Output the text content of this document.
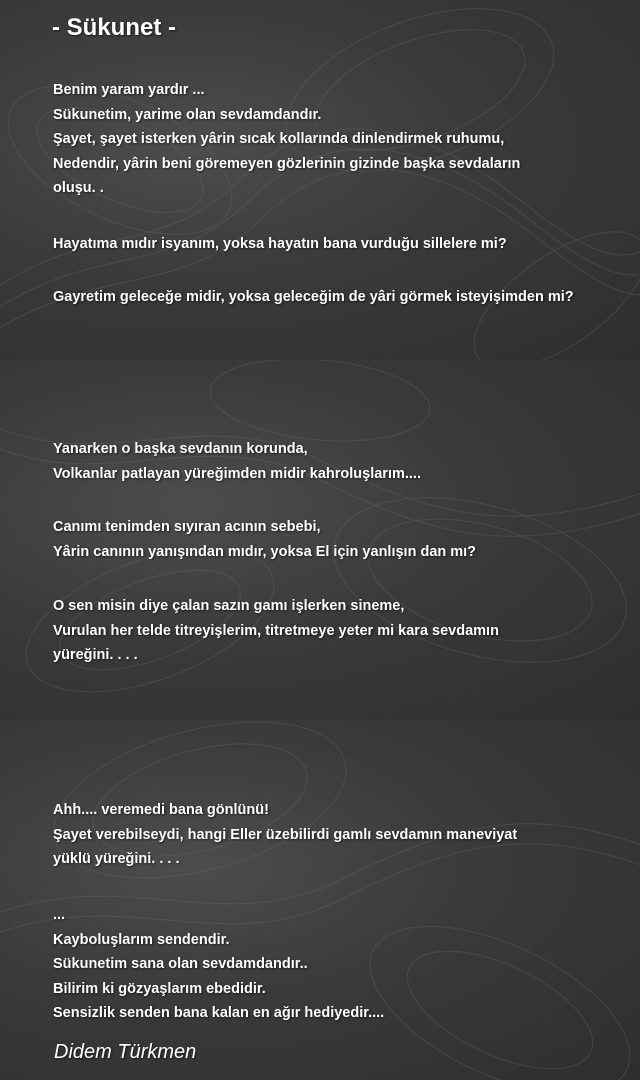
- Sükunet -
Benim yaram yardır ...
Sükunetim, yarime olan sevdamdandır.
Şayet, şayet isterken yârin sıcak kollarında dinlendirmek ruhumu,
Nedendir, yârin beni göremeyen gözlerinin gizinde başka sevdaların
oluşu. .
Hayatıma mıdır isyanım, yoksa hayatın bana vurduğu sillelere mi?
Gayretim geleceğe midir, yoksa geleceğim de yâri görmek isteyişimden mi?
Yanarken o başka sevdanın korunda,
Volkanlar patlayan yüreğimden midir kahroluşlarım....
Canımı tenimden sıyıran acının sebebi,
Yârin canının yanışından mıdır, yoksa El için yanlışın dan mı?
O sen misin diye çalan sazın gamı işlerken sineme,
Vurulan her telde titreyişlerim, titretmeye yeter mi kara sevdamın
yüreğini. . . .
Ahh.... veremedi bana gönlünü!
Şayet verebilseydi, hangi Eller üzebilirdi gamlı sevdamın maneviyat
yüklü yüreğini. . . .
...
Kayboluşlarım sendendir.
Sükunetim sana olan sevdamdandır..
Bilirim ki gözyaşlarım ebedidir.
Sensizlik senden bana kalan en ağır hediyedir....
Didem Türkmen
